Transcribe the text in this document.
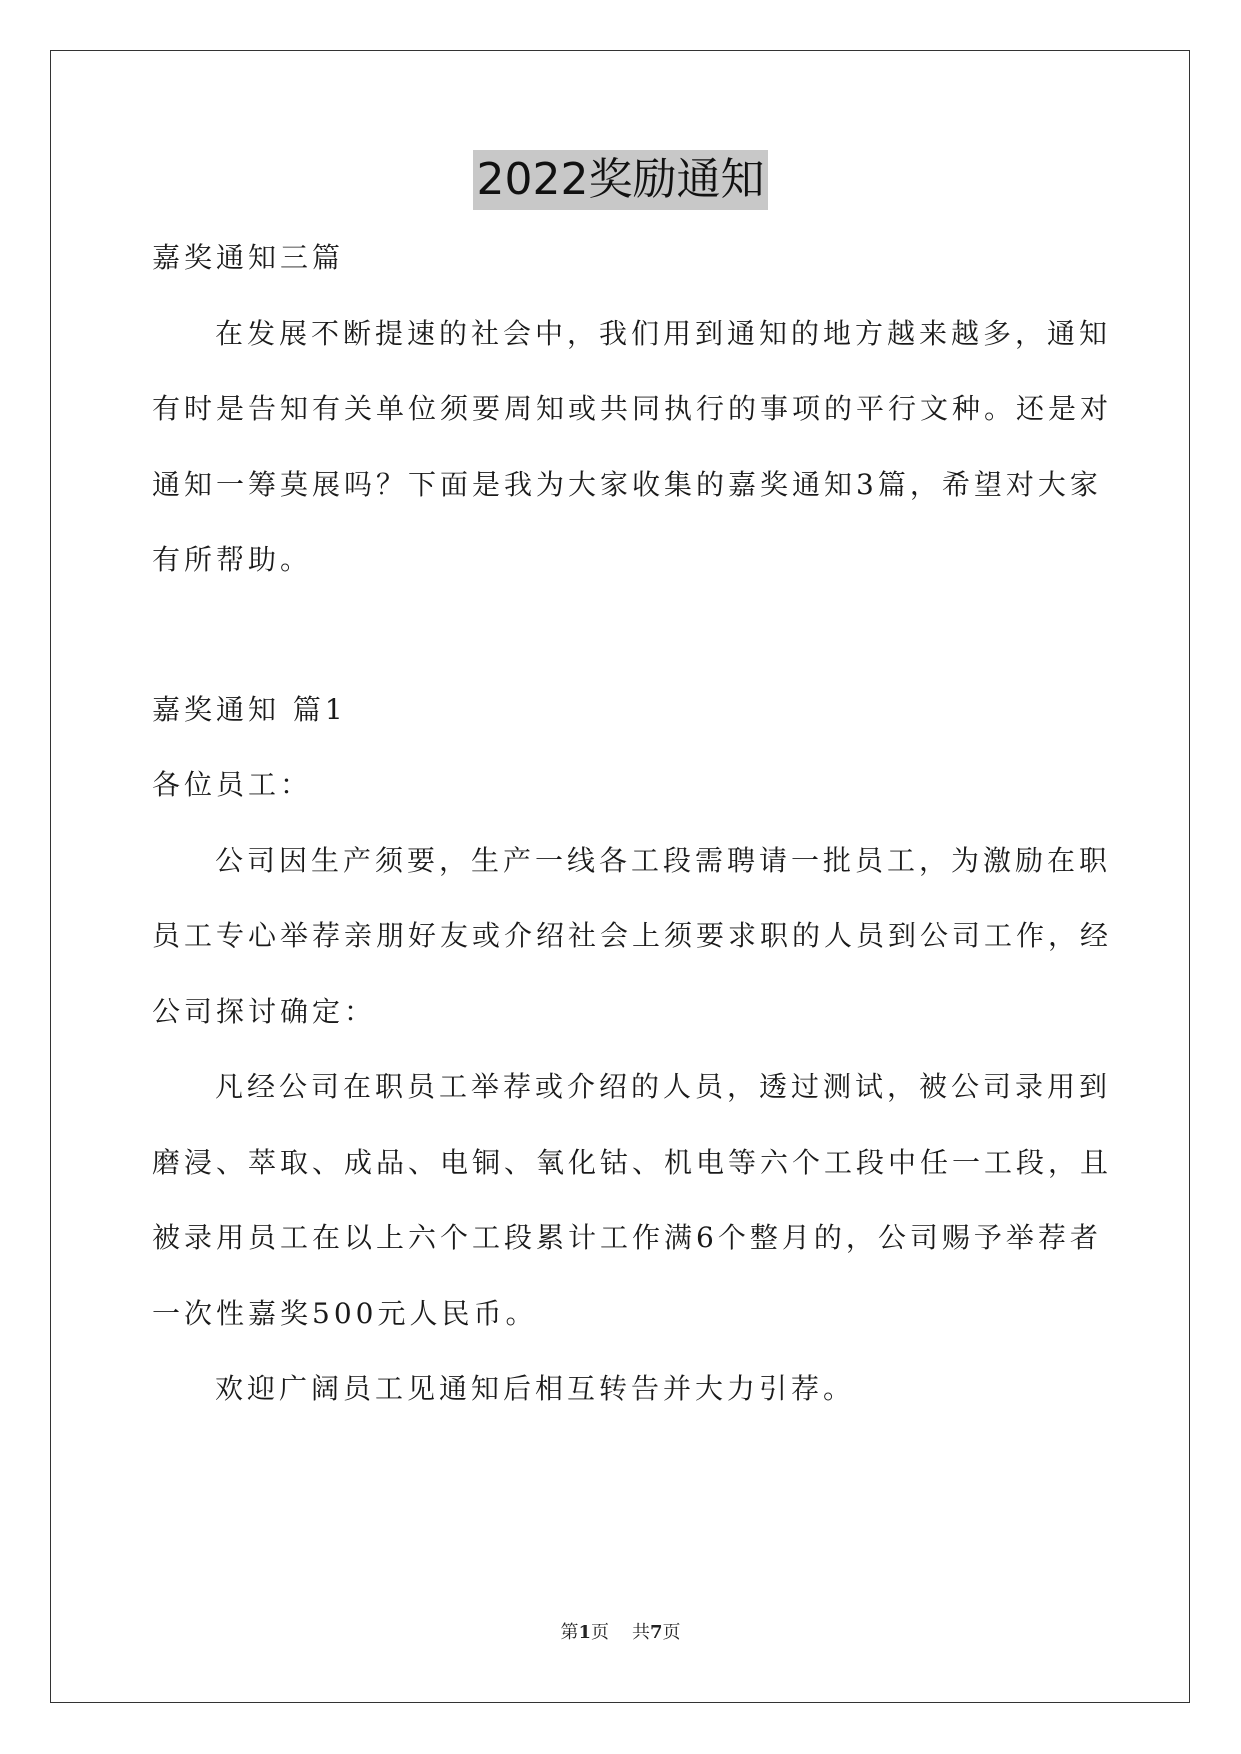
2022奖励通知
嘉奖通知三篇
在发展不断提速的社会中，我们用到通知的地方越来越多，通知
有时是告知有关单位须要周知或共同执行的事项的平行文种。还是对
通知一筹莫展吗？下面是我为大家收集的嘉奖通知3篇，希望对大家
有所帮助。
嘉奖通知 篇1
各位员工：
公司因生产须要，生产一线各工段需聘请一批员工，为激励在职
员工专心举荐亲朋好友或介绍社会上须要求职的人员到公司工作，经
公司探讨确定：
凡经公司在职员工举荐或介绍的人员，透过测试，被公司录用到
磨浸、萃取、成品、电铜、氧化钴、机电等六个工段中任一工段，且
被录用员工在以上六个工段累计工作满6个整月的，公司赐予举荐者
一次性嘉奖500元人民币。
欢迎广阔员工见通知后相互转告并大力引荐。
第1页 共7页
